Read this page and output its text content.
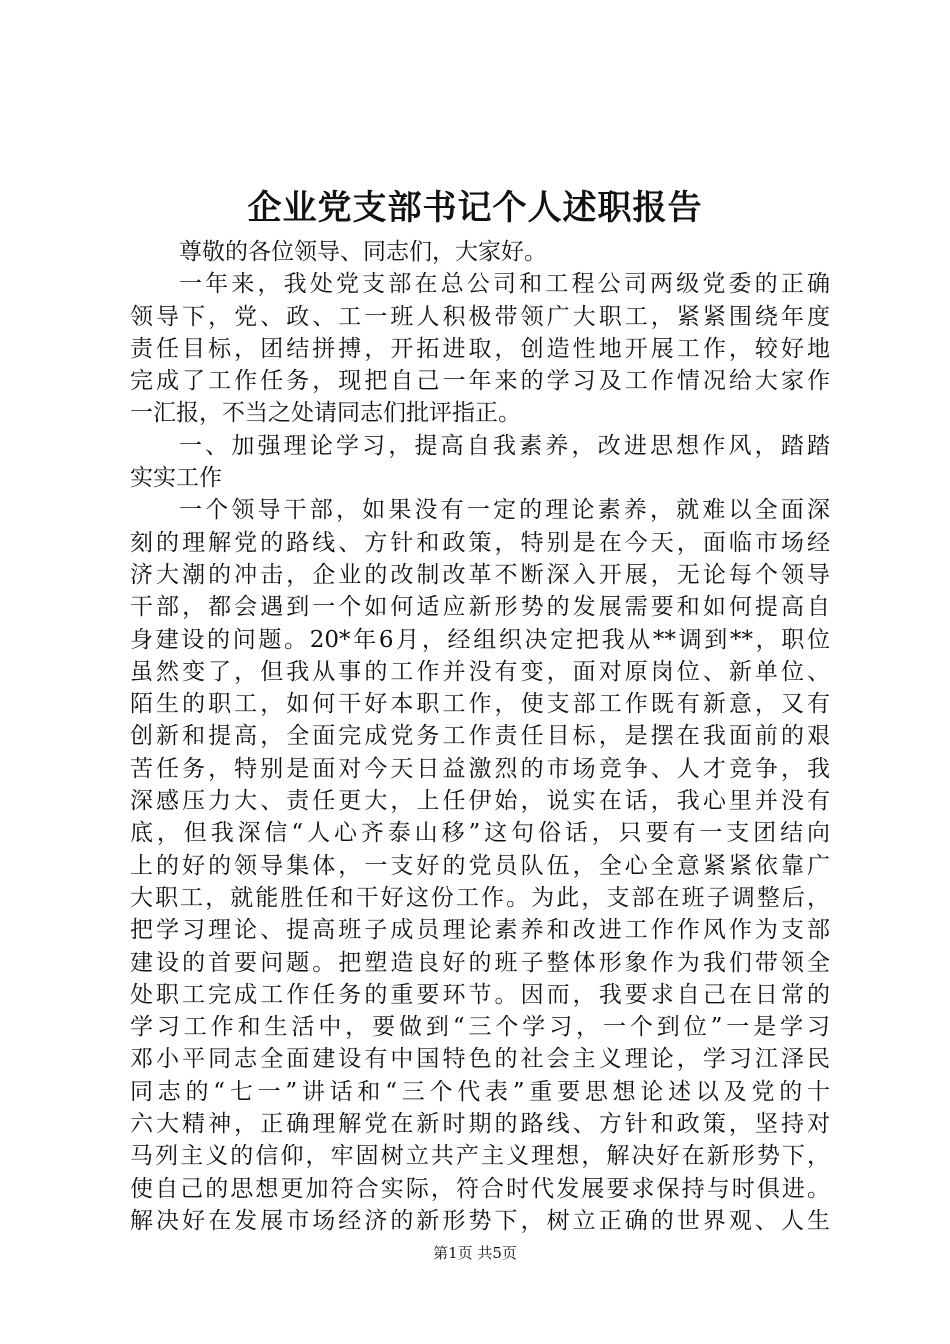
企业党支部书记个人述职报告
尊敬的各位领导、同志们，大家好。
一年来，我处党支部在总公司和工程公司两级党委的正确
领导下，党、政、工一班人积极带领广大职工，紧紧围绕年度
责任目标，团结拼搏，开拓进取，创造性地开展工作，较好地
完成了工作任务，现把自己一年来的学习及工作情况给大家作
一汇报，不当之处请同志们批评指正。
一、加强理论学习，提高自我素养，改进思想作风，踏踏
实实工作
一个领导干部，如果没有一定的理论素养，就难以全面深
刻的理解党的路线、方针和政策，特别是在今天，面临市场经
济大潮的冲击，企业的改制改革不断深入开展，无论每个领导
干部，都会遇到一个如何适应新形势的发展需要和如何提高自
身建设的问题。20*年6月，经组织决定把我从**调到**，职位
虽然变了，但我从事的工作并没有变，面对原岗位、新单位、
陌生的职工，如何干好本职工作，使支部工作既有新意，又有
创新和提高，全面完成党务工作责任目标，是摆在我面前的艰
苦任务，特别是面对今天日益激烈的市场竞争、人才竞争，我
深感压力大、责任更大，上任伊始，说实在话，我心里并没有
底，但我深信“人心齐泰山移”这句俗话，只要有一支团结向
上的好的领导集体，一支好的党员队伍，全心全意紧紧依靠广
大职工，就能胜任和干好这份工作。为此，支部在班子调整后，
把学习理论、提高班子成员理论素养和改进工作作风作为支部
建设的首要问题。把塑造良好的班子整体形象作为我们带领全
处职工完成工作任务的重要环节。因而，我要求自己在日常的
学习工作和生活中，要做到“三个学习，一个到位”一是学习
邓小平同志全面建设有中国特色的社会主义理论，学习江泽民
同志的“七一”讲话和“三个代表”重要思想论述以及党的十
六大精神，正确理解党在新时期的路线、方针和政策，坚持对
马列主义的信仰，牢固树立共产主义理想，解决好在新形势下，
使自己的思想更加符合实际，符合时代发展要求保持与时俱进。
解决好在发展市场经济的新形势下，树立正确的世界观、人生
第1页 共5页
